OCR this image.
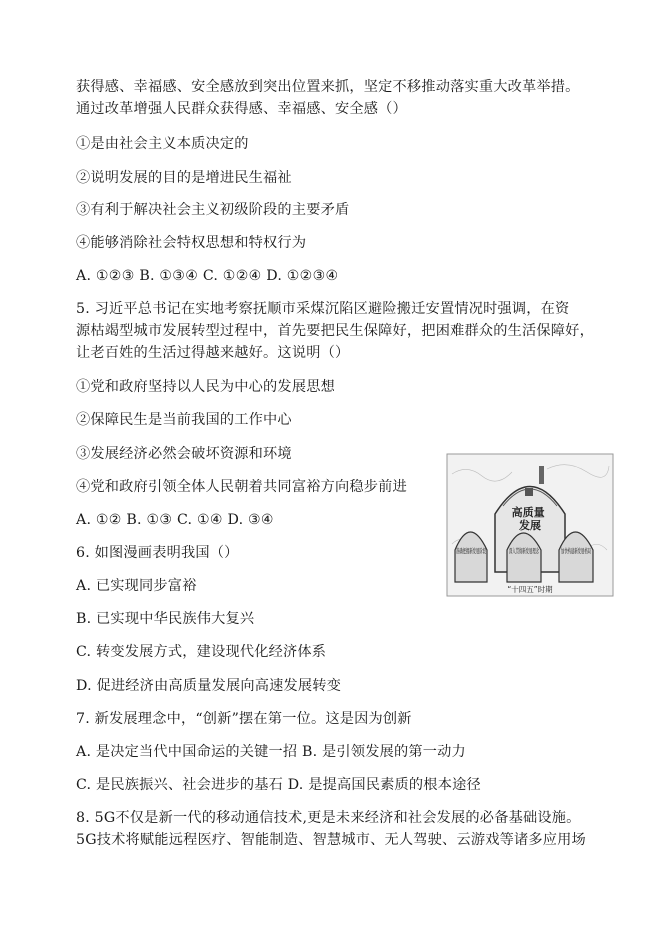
获得感、幸福感、安全感放到突出位置来抓，坚定不移推动落实重大改革举措。
通过改革增强人民群众获得感、幸福感、安全感（）
①是由社会主义本质决定的
②说明发展的目的是增进民生福祉
③有利于解决社会主义初级阶段的主要矛盾
④能够消除社会特权思想和特权行为
A. ①②③ B. ①③④ C. ①②④ D. ①②③④
5. 习近平总书记在实地考察抚顺市采煤沉陷区避险搬迁安置情况时强调，在资
源枯竭型城市发展转型过程中，首先要把民生保障好，把困难群众的生活保障好，
让老百姓的生活过得越来越好。这说明（）
①党和政府坚持以人民为中心的发展思想
②保障民生是当前我国的工作中心
③发展经济必然会破坏资源和环境
④党和政府引领全体人民朝着共同富裕方向稳步前进
A. ①② B. ①③ C. ①④ D. ③④
6. 如图漫画表明我国（）
A. 已实现同步富裕
B. 已实现中华民族伟大复兴
C. 转变发展方式，建设现代化经济体系
D. 促进经济由高质量发展向高速发展转变
7. 新发展理念中，“创新”摆在第一位。这是因为创新
A. 是决定当代中国命运的关键一招 B. 是引领发展的第一动力
C. 是民族振兴、社会进步的基石 D. 是提高国民素质的根本途径
8. 5G不仅是新一代的移动通信技术,更是未来经济和社会发展的必备基础设施。
5G技术将赋能远程医疗、智能制造、智慧城市、无人驾驶、云游戏等诸多应用场
高质量 发展
准确把握新发展阶段
深入贯彻新发展理念
加快构建新发展格局
“十四五”时期
